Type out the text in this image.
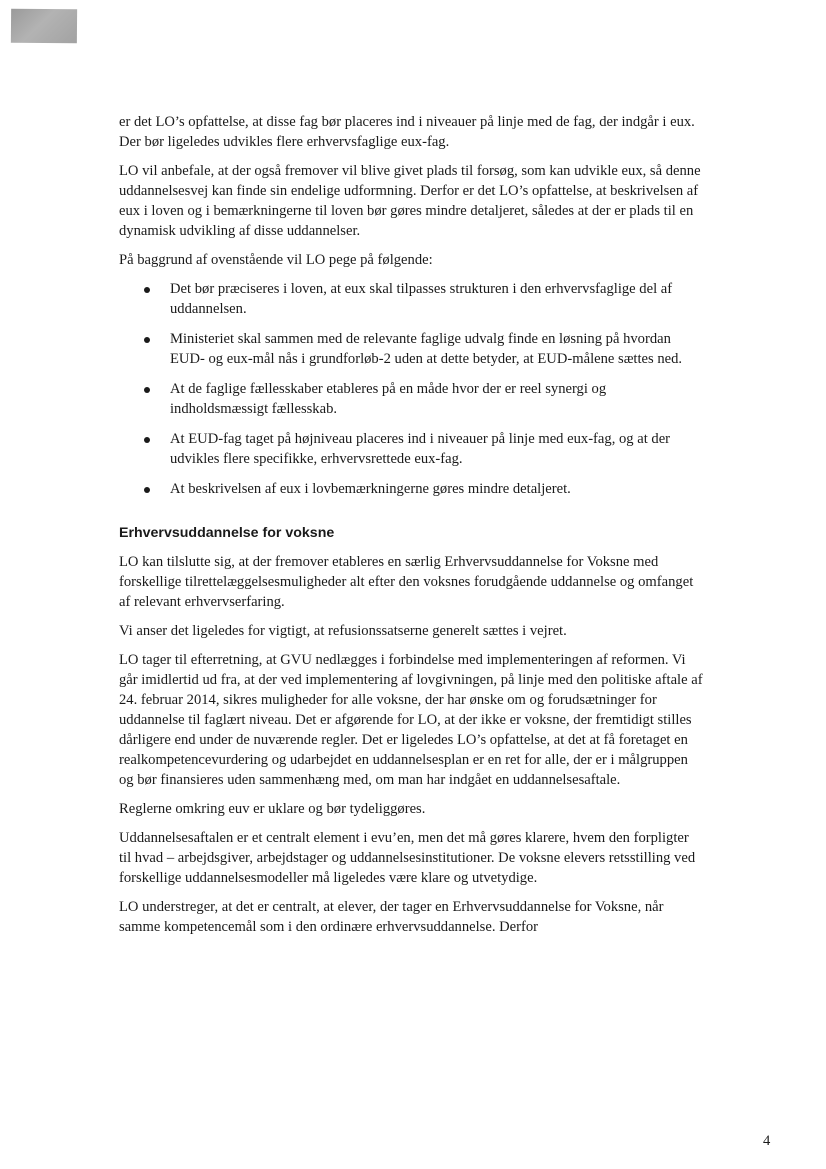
er det LO’s opfattelse, at disse fag bør placeres ind i niveauer på linje med de fag, der indgår i eux. Der bør ligeledes udvikles flere erhvervsfaglige eux-fag.

LO vil anbefale, at der også fremover vil blive givet plads til forsøg, som kan udvikle eux, så denne uddannelsesvej kan finde sin endelige udformning. Derfor er det LO’s opfattelse, at beskrivelsen af eux i loven og i bemærkningerne til loven bør gøres mindre detaljeret, således at der er plads til en dynamisk udvikling af disse uddannelser.

På baggrund af ovenstående vil LO pege på følgende:

Det bør præciseres i loven, at eux skal tilpasses strukturen i den erhvervsfaglige del af uddannelsen.
Ministeriet skal sammen med de relevante faglige udvalg finde en løsning på hvordan EUD- og eux-mål nås i grundforløb-2 uden at dette betyder, at EUD-målene sættes ned.
At de faglige fællesskaber etableres på en måde hvor der er reel synergi og indholdsmæssigt fællesskab.
At EUD-fag taget på højniveau placeres ind i niveauer på linje med eux-fag, og at der udvikles flere specifikke, erhvervsrettede eux-fag.
At beskrivelsen af eux i lovbemærkningerne gøres mindre detaljeret.
Erhvervsuddannelse for voksne

LO kan tilslutte sig, at der fremover etableres en særlig Erhvervsuddannelse for Voksne med forskellige tilrettelæggelsesmuligheder alt efter den voksnes forudgående uddannelse og omfanget af relevant erhvervserfaring.

Vi anser det ligeledes for vigtigt, at refusionssatserne generelt sættes i vejret.

LO tager til efterretning, at GVU nedlægges i forbindelse med implementeringen af reformen. Vi går imidlertid ud fra, at der ved implementering af lovgivningen, på linje med den politiske aftale af 24. februar 2014, sikres muligheder for alle voksne, der har ønske om og forudsætninger for uddannelse til faglært niveau. Det er afgørende for LO, at der ikke er voksne, der fremtidigt stilles dårligere end under de nuværende regler. Det er ligeledes LO’s opfattelse, at det at få foretaget en realkompetencevurdering og udarbejdet en uddannelsesplan er en ret for alle, der er i målgruppen og bør finansieres uden sammenhæng med, om man har indgået en uddannelsesaftale.

Reglerne omkring euv er uklare og bør tydeliggøres.

Uddannelsesaftalen er et centralt element i evu’en, men det må gøres klarere, hvem den forpligter til hvad – arbejdsgiver, arbejdstager og uddannelsesinstitutioner. De voksne elevers retsstilling ved forskellige uddannelsesmodeller må ligeledes være klare og utvetydige.

LO understreger, at det er centralt, at elever, der tager en Erhvervsuddannelse for Voksne, når samme kompetencemål som i den ordinære erhvervsuddannelse. Derfor

4
